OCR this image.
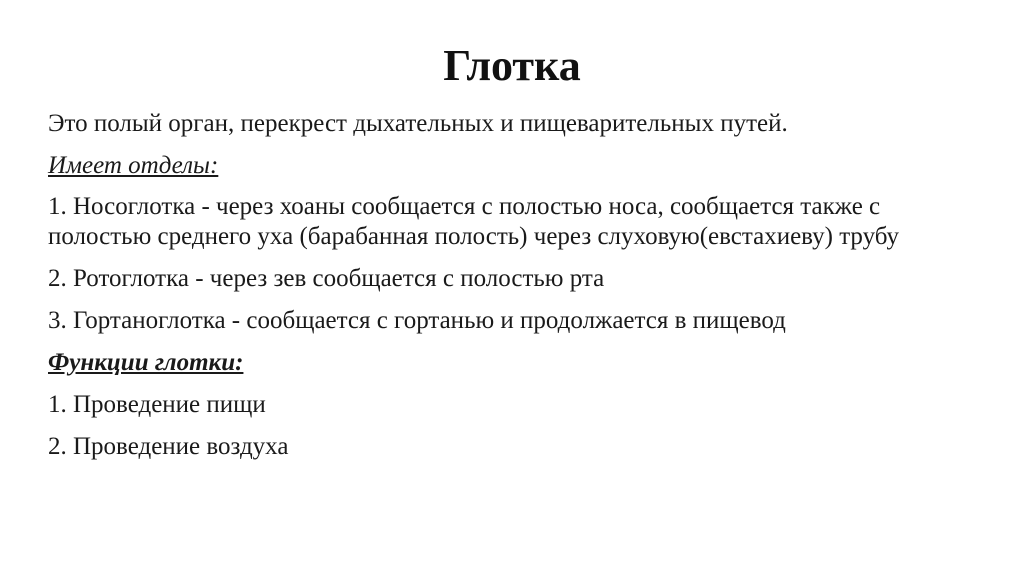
Глотка

Это полый орган, перекрест дыхательных и пищеварительных путей.

Имеет отделы:

1. Носоглотка - через хоаны сообщается с полостью носа, сообщается также с полостью среднего уха (барабанная полость) через слуховую(евстахиеву) трубу

2. Ротоглотка - через зев сообщается с полостью рта

3. Гортаноглотка - сообщается с гортанью и продолжается в пищевод

Функции глотки:

1. Проведение пищи

2. Проведение воздуха
